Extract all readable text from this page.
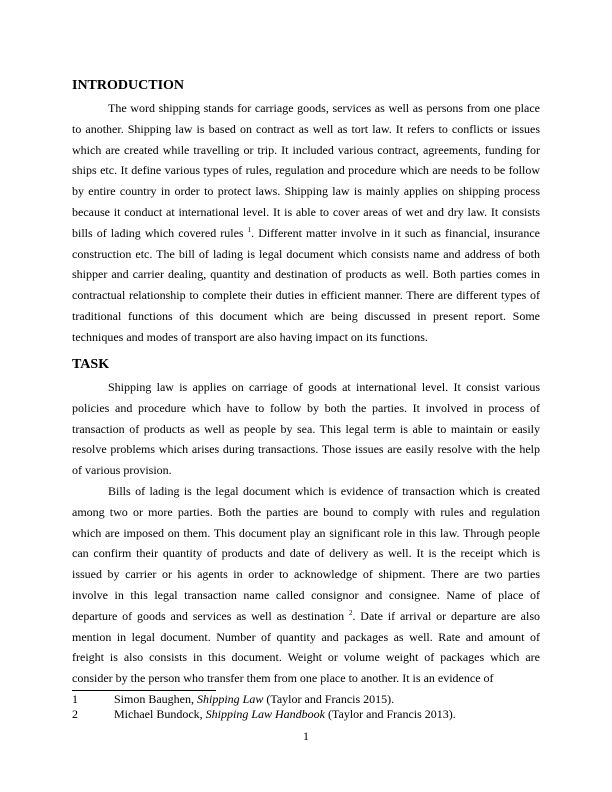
INTRODUCTION

The word shipping stands for carriage goods, services as well as persons from one place to another. Shipping law is based on contract as well as tort law. It refers to conflicts or issues which are created while travelling or trip. It included various contract, agreements, funding for ships etc. It define various types of rules, regulation and procedure which are needs to be follow by entire country in order to protect laws. Shipping law is mainly applies on shipping process because it conduct at international level. It is able to cover areas of wet and dry law. It consists bills of lading which covered rules $^1$. Different matter involve in it such as financial, insurance construction etc. The bill of lading is legal document which consists name and address of both shipper and carrier dealing, quantity and destination of products as well. Both parties comes in contractual relationship to complete their duties in efficient manner. There are different types of traditional functions of this document which are being discussed in present report. Some techniques and modes of transport are also having impact on its functions.

TASK

Shipping law is applies on carriage of goods at international level. It consist various policies and procedure which have to follow by both the parties. It involved in process of transaction of products as well as people by sea. This legal term is able to maintain or easily resolve problems which arises during transactions. Those issues are easily resolve with the help of various provision.

Bills of lading is the legal document which is evidence of transaction which is created among two or more parties. Both the parties are bound to comply with rules and regulation which are imposed on them. This document play an significant role in this law. Through people can confirm their quantity of products and date of delivery as well. It is the receipt which is issued by carrier or his agents in order to acknowledge of shipment. There are two parties involve in this legal transaction name called consignor and consignee. Name of place of departure of goods and services as well as destination $^2$. Date if arrival or departure are also mention in legal document. Number of quantity and packages as well. Rate and amount of freight is also consists in this document. Weight or volume weight of packages which are consider by the person who transfer them from one place to another. It is an evidence of

1	Simon Baughen, Shipping Law (Taylor and Francis 2015).
2	Michael Bundock, Shipping Law Handbook (Taylor and Francis 2013).
1
